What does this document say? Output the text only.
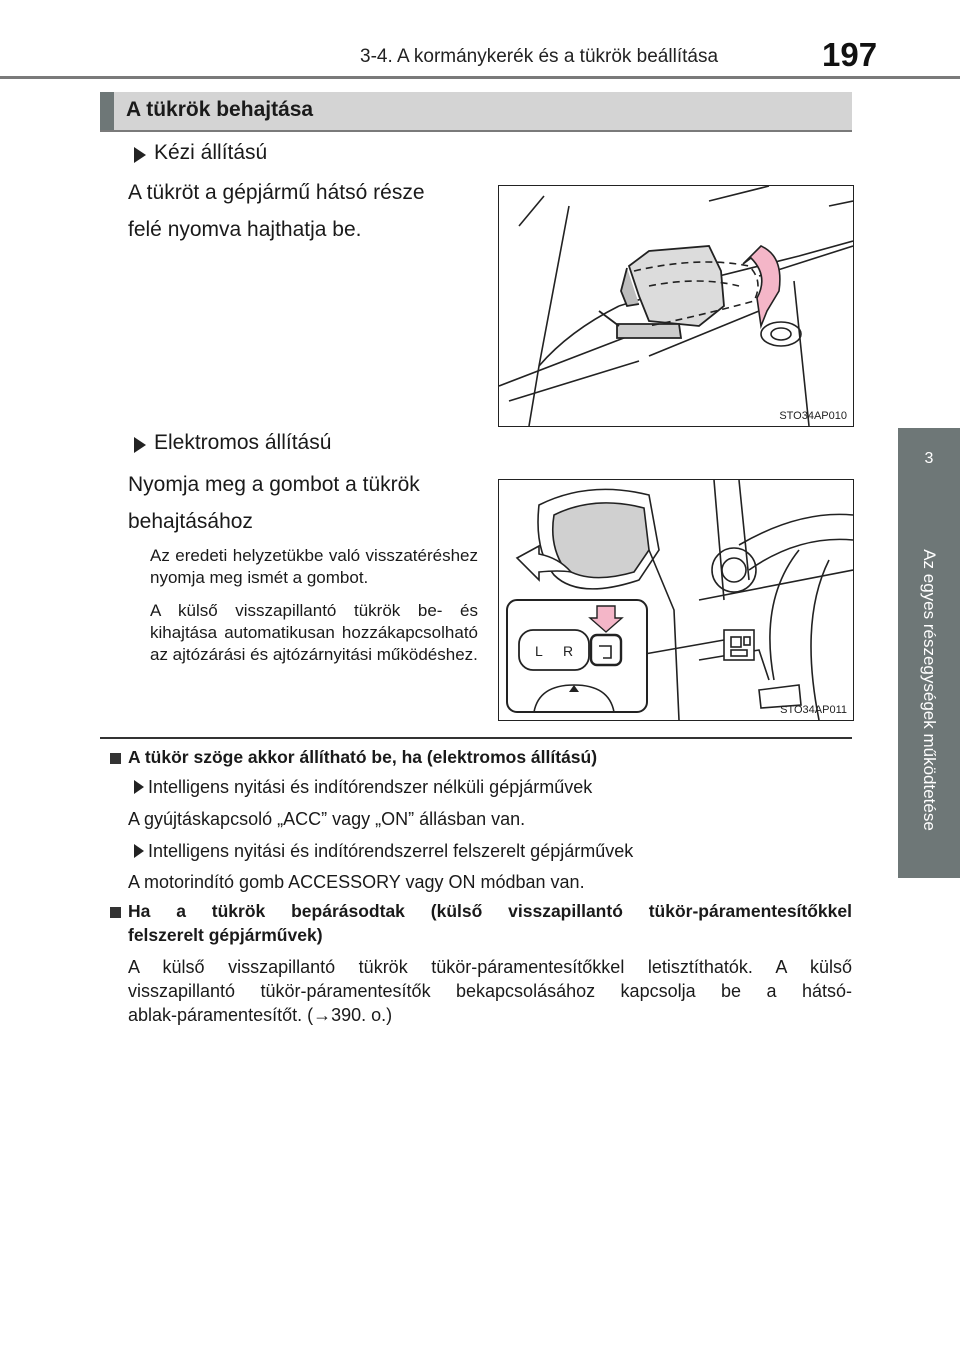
3-4. A kormánykerék és a tükrök beállítása	197
3
Az egyes részegységek működtetése
A tükrök behajtása
Kézi állítású
A tükröt a gépjármű hátsó része
felé nyomva hajthatja be.
STO34AP010
Elektromos állítású
Nyomja meg a gombot a tükrök
behajtásához
Az eredeti helyzetükbe való visszatéréshez nyomja meg ismét a gombot.
A külső visszapillantó tükrök be- és kihajtása automatikusan hozzákapcsolható az ajtózárási és ajtózárnyitási működéshez.	L R
STO34AP011
A tükör szöge akkor állítható be, ha (elektromos állítású)
Intelligens nyitási és indítórendszer nélküli gépjárművek
A gyújtáskapcsoló „ACC” vagy „ON” állásban van.
Intelligens nyitási és indítórendszerrel felszerelt gépjárművek
A motorindító gomb ACCESSORY vagy ON módban van.
Ha a tükrök bepárásodtak (külső visszapillantó tükör-páramentesítőkkel
felszerelt gépjárművek)
A külső visszapillantó tükrök tükör-páramentesítőkkel letisztíthatók. A külső
visszapillantó tükör-páramentesítők bekapcsolásához kapcsolja be a hátsó-
ablak-páramentesítőt. (→390. o.)
